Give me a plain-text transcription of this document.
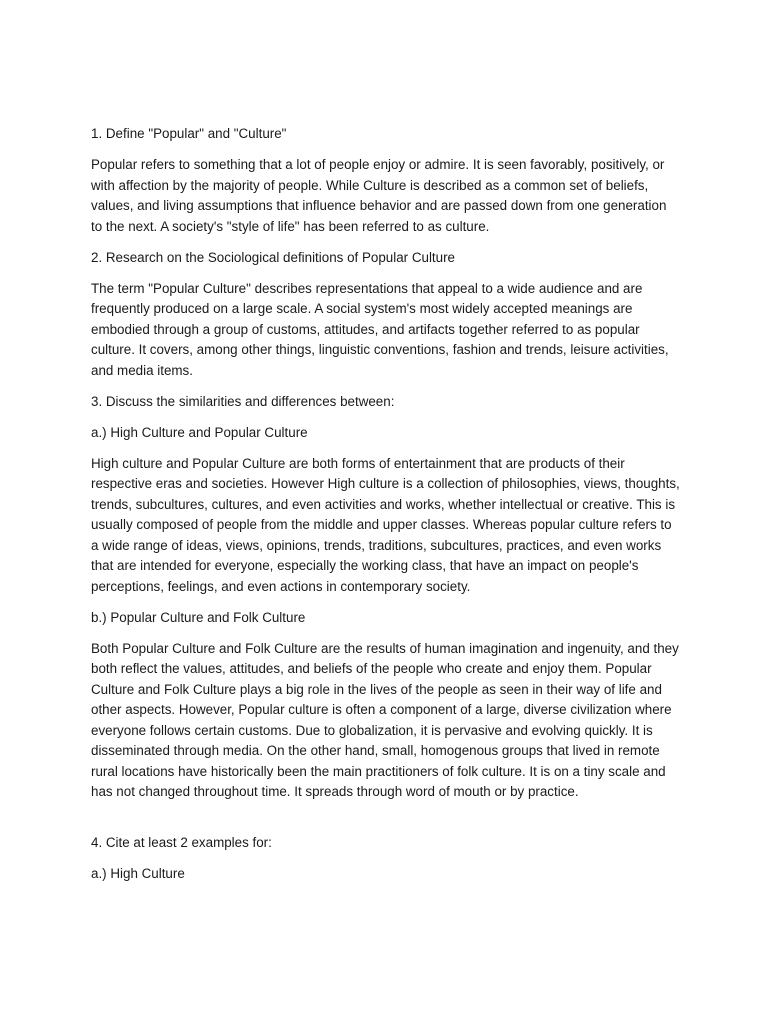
1. Define "Popular" and "Culture"

Popular refers to something that a lot of people enjoy or admire. It is seen favorably, positively, or with affection by the majority of people. While Culture is described as a common set of beliefs, values, and living assumptions that influence behavior and are passed down from one generation to the next. A society's "style of life" has been referred to as culture.

2. Research on the Sociological definitions of Popular Culture

The term "Popular Culture" describes representations that appeal to a wide audience and are frequently produced on a large scale. A social system's most widely accepted meanings are embodied through a group of customs, attitudes, and artifacts together referred to as popular culture. It covers, among other things, linguistic conventions, fashion and trends, leisure activities, and media items.

3. Discuss the similarities and differences between:

a.) High Culture and Popular Culture

High culture and Popular Culture are both forms of entertainment that are products of their respective eras and societies. However High culture is a collection of philosophies, views, thoughts, trends, subcultures, cultures, and even activities and works, whether intellectual or creative. This is usually composed of people from the middle and upper classes. Whereas popular culture refers to a wide range of ideas, views, opinions, trends, traditions, subcultures, practices, and even works that are intended for everyone, especially the working class, that have an impact on people's perceptions, feelings, and even actions in contemporary society.

b.) Popular Culture and Folk Culture

Both Popular Culture and Folk Culture are the results of human imagination and ingenuity, and they both reflect the values, attitudes, and beliefs of the people who create and enjoy them. Popular Culture and Folk Culture plays a big role in the lives of the people as seen in their way of life and other aspects. However, Popular culture is often a component of a large, diverse civilization where everyone follows certain customs. Due to globalization, it is pervasive and evolving quickly. It is disseminated through media. On the other hand, small, homogenous groups that lived in remote rural locations have historically been the main practitioners of folk culture. It is on a tiny scale and has not changed throughout time. It spreads through word of mouth or by practice.

4. Cite at least 2 examples for:

a.) High Culture
